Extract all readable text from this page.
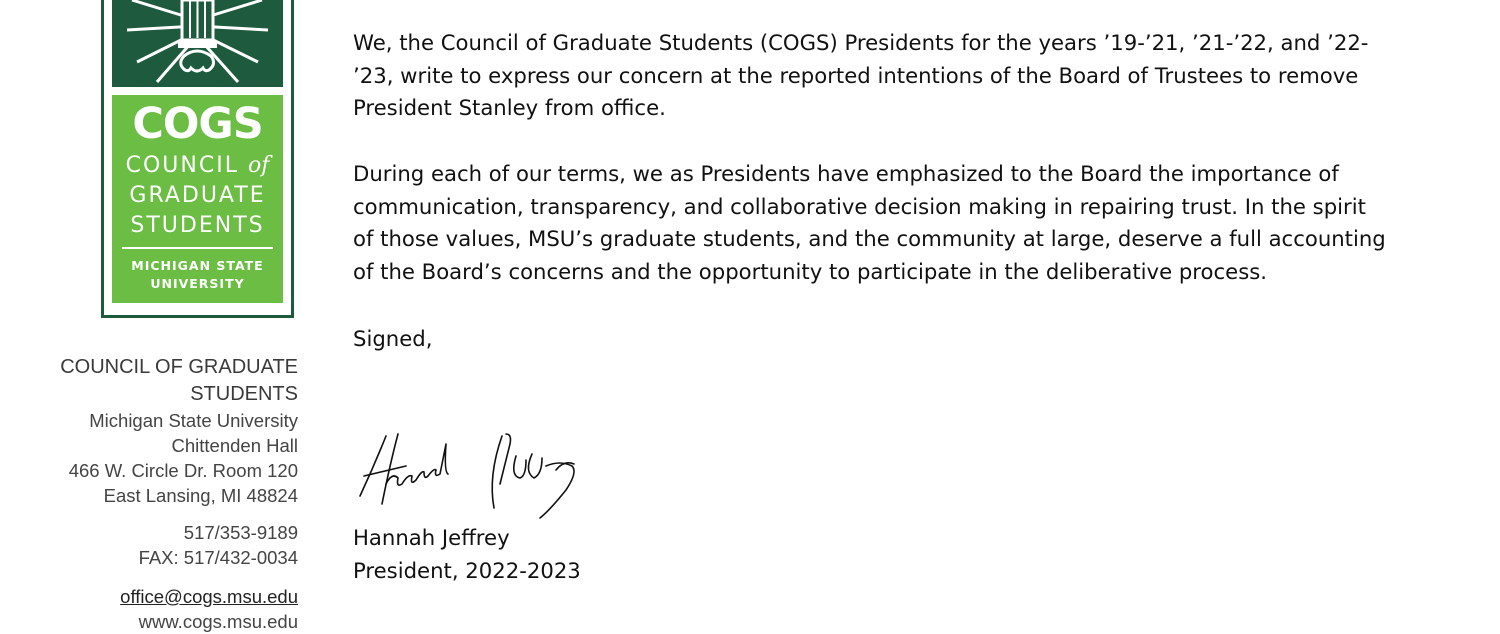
COGS
COUNCIL of
GRADUATE
STUDENTS
MICHIGAN STATE
UNIVERSITY
COUNCIL OF GRADUATE
STUDENTS
Michigan State University
Chittenden Hall
466 W. Circle Dr. Room 120
East Lansing, MI 48824
517/353-9189
FAX: 517/432-0034
office@cogs.msu.edu
www.cogs.msu.edu
We, the Council of Graduate Students (COGS) Presidents for the years ’19-’21, ’21-’22, and ’22-
’23, write to express our concern at the reported intentions of the Board of Trustees to remove
President Stanley from office.
During each of our terms, we as Presidents have emphasized to the Board the importance of
communication, transparency, and collaborative decision making in repairing trust. In the spirit
of those values, MSU’s graduate students, and the community at large, deserve a full accounting
of the Board’s concerns and the opportunity to participate in the deliberative process.
Signed,
Hannah Jeffrey
President, 2022-2023
